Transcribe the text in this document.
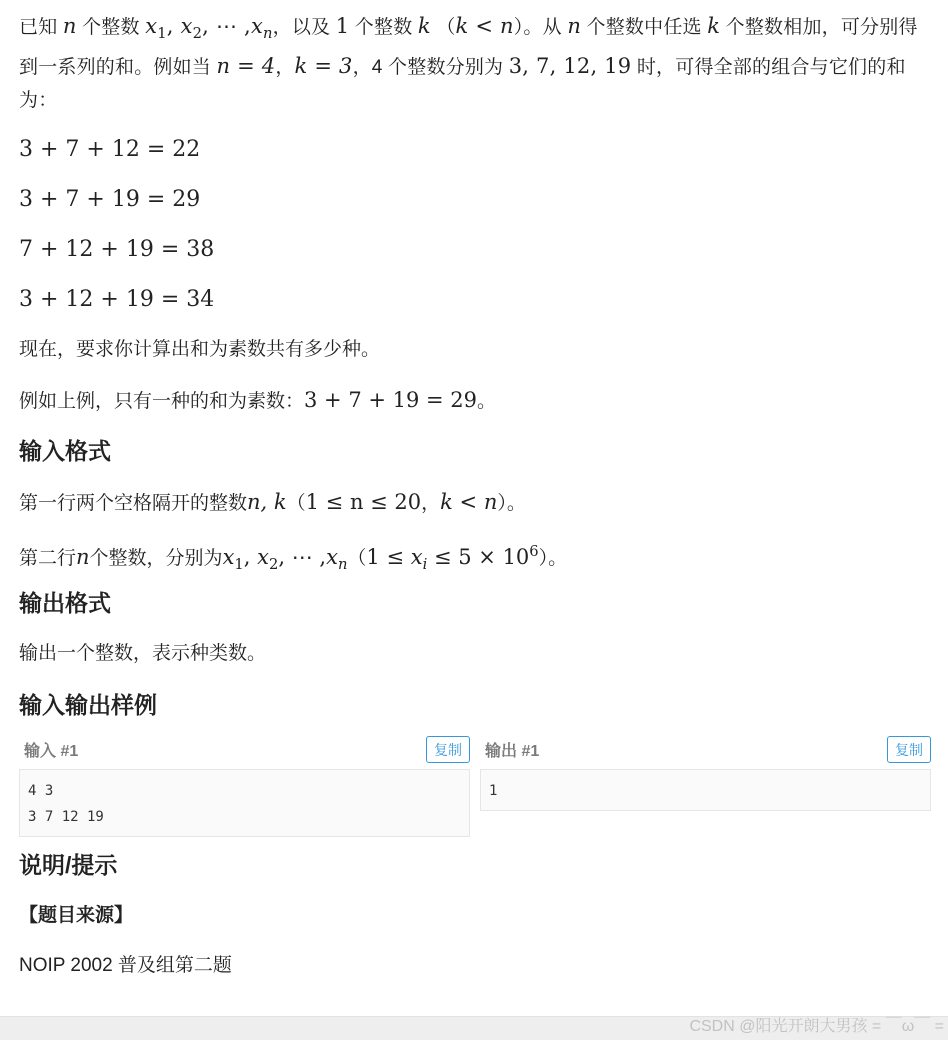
已知 n 个整数 $x_1$, $x_2$, ⋯ $,x_n$，以及 1 个整数 k （k < n）。从 n 个整数中任选 k 个整数相加，可分别得到一系列的和。例如当 n = 4，k = 3，4 个整数分别为 3, 7, 12, 19 时，可得全部的组合与它们的和为：

3 + 7 + 12 = 22

3 + 7 + 19 = 29

7 + 12 + 19 = 38

3 + 12 + 19 = 34

现在，要求你计算出和为素数共有多少种。

例如上例，只有一种的和为素数：3 + 7 + 19 = 29。

输入格式

第一行两个空格隔开的整数n, k（1 ≤ n ≤ 20，k < n）。

第二行n个整数，分别为$x_1$, $x_2$, ⋯ $,x_n(1 \le x_i \le 5 \times 10^6)$。

输出格式

输出一个整数，表示种类数。

输入输出样例
输入 #1	复制
4 3
3 7 12 19
输出 #1	复制
1
说明/提示

【题目来源】

NOIP 2002 普及组第二题

CSDN @阳光开朗大男孩 = ￣ω￣ =
